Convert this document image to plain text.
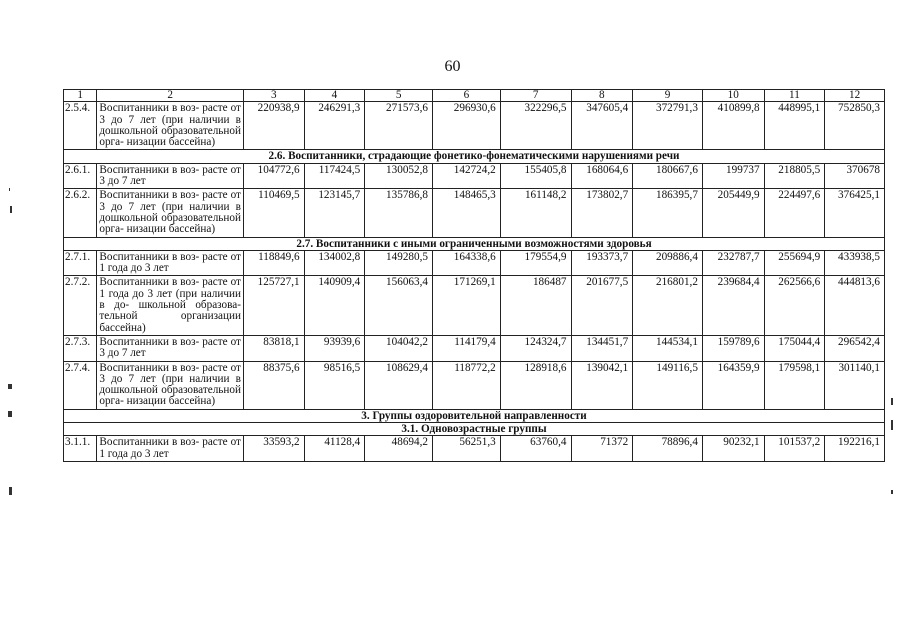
60
1	2	3	4	5	6	7	8	9	10	11	12
2.5.4.	Воспитанники в воз- расте от 3 до 7 лет (при наличии в дошкольной образовательной орга- низации бассейна)	220938,9	246291,3	271573,6	296930,6	322296,5	347605,4	372791,3	410899,8	448995,1	752850,3
2.6. Воспитанники, страдающие фонетико-фонематическими нарушениями речи											
2.6.1.	Воспитанники в воз- расте от 3 до 7 лет	104772,6	117424,5	130052,8	142724,2	155405,8	168064,6	180667,6	199737	218805,5	370678
2.6.2.	Воспитанники в воз- расте от 3 до 7 лет (при наличии в дошкольной образовательной орга- низации бассейна)	110469,5	123145,7	135786,8	148465,3	161148,2	173802,7	186395,7	205449,9	224497,6	376425,1
2.7. Воспитанники с иными ограниченными возможностями здоровья											
2.7.1.	Воспитанники в воз- расте от 1 года до 3 лет	118849,6	134002,8	149280,5	164338,6	179554,9	193373,7	209886,4	232787,7	255694,9	433938,5
2.7.2.	Воспитанники в воз- расте от 1 года до 3 лет (при наличии в до- школьной образова- тельной организации бассейна)	125727,1	140909,4	156063,4	171269,1	186487	201677,5	216801,2	239684,4	262566,6	444813,6
2.7.3.	Воспитанники в воз- расте от 3 до 7 лет	83818,1	93939,6	104042,2	114179,4	124324,7	134451,7	144534,1	159789,6	175044,4	296542,4
2.7.4.	Воспитанники в воз- расте от 3 до 7 лет (при наличии в дошкольной образовательной орга- низации бассейна)	88375,6	98516,5	108629,4	118772,2	128918,6	139042,1	149116,5	164359,9	179598,1	301140,1
3. Группы оздоровительной направленности											
3.1. Одновозрастные группы											
3.1.1.	Воспитанники в воз- расте от 1 года до 3 лет	33593,2	41128,4	48694,2	56251,3	63760,4	71372	78896,4	90232,1	101537,2	192216,1
